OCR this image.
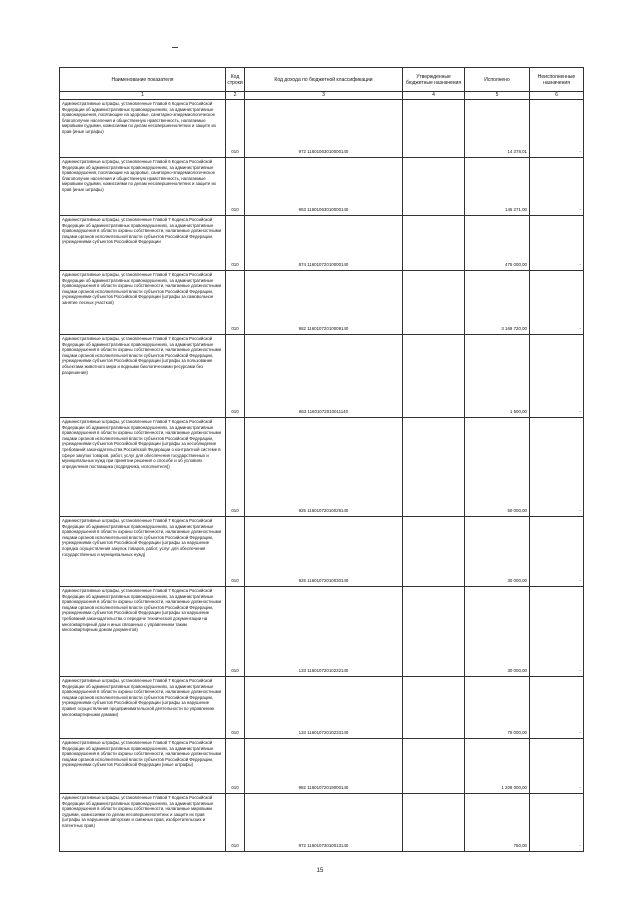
Наименование показателя	Код строки	Код дохода по бюджетной классификации	Утвержденные бюджетные назначения	Исполнено	Неисполненные назначения
1	2	3	4	5	6

Административные штрафы, установленные Главой 6 Кодекса Российской Федерации об административных правонарушениях, за административные правонарушения, посягающие на здоровье, санитарно-эпидемиологическое благополучие населения и общественную нравственность, налагаемые мировыми судьями, комиссиями по делам несовершеннолетних и защите их прав (иные штрафы)	010	972 11601063010000140		14 378,01	-

Административные штрафы, установленные Главой 6 Кодекса Российской Федерации об административных правонарушениях, за административные правонарушения, посягающие на здоровье, санитарно-эпидемиологическое благополучие населения и общественную нравственность, налагаемые мировыми судьями, комиссиями по делам несовершеннолетних и защите их прав (иные штрафы)	010	953 11601063010000140		146 271,00	-

Административные штрафы, установленные Главой 7 Кодекса Российской Федерации об административных правонарушениях, за административные правонарушения в области охраны собственности, налагаемые должностными лицами органов исполнительной власти субъектов Российской Федерации, учреждениями субъектов Российской Федерации	010	874 11601072010000140		475 000,00	-

Административные штрафы, установленные Главой 7 Кодекса Российской Федерации об административных правонарушениях, за административные правонарушения в области охраны собственности, налагаемые должностными лицами органов исполнительной власти субъектов Российской Федерации, учреждениями субъектов Российской Федерации (штрафы за самовольное занятие лесных участков)	010	982 11601072010009140		3 169 720,00	-

Административные штрафы, установленные Главой 7 Кодекса Российской Федерации об административных правонарушениях, за административные правонарушения в области охраны собственности, налагаемые должностными лицами органов исполнительной власти субъектов Российской Федерации, учреждениями субъектов Российской Федерации (штрафы за пользование объектами животного мира и водными биологическими ресурсами без разрешения)	010	863 11601072010011140		1 500,00	-

Административные штрафы, установленные Главой 7 Кодекса Российской Федерации об административных правонарушениях, за административные правонарушения в области охраны собственности, налагаемые должностными лицами органов исполнительной власти субъектов Российской Федерации, учреждениями субъектов Российской Федерации (штрафы за несоблюдение требований законодательства Российской Федерации о контрактной системе в сфере закупок товаров, работ, услуг для обеспечения государственных и муниципальных нужд при принятии решения о способе и об условиях определения поставщика (подрядчика, исполнителя))	010	925 11601072010029140		50 000,00	-

Административные штрафы, установленные Главой 7 Кодекса Российской Федерации об административных правонарушениях, за административные правонарушения в области охраны собственности, налагаемые должностными лицами органов исполнительной власти субъектов Российской Федерации, учреждениями субъектов Российской Федерации (штрафы за нарушение порядка осуществления закупок товаров, работ, услуг для обеспечения государственных и муниципальных нужд)	010	925 11601072010030140		30 000,00	-

Административные штрафы, установленные Главой 7 Кодекса Российской Федерации об административных правонарушениях, за административные правонарушения в области охраны собственности, налагаемые должностными лицами органов исполнительной власти субъектов Российской Федерации, учреждениями субъектов Российской Федерации (штрафы за нарушение требований законодательства о передаче технической документации на многоквартирный дом и иных связанных с управлением таким многоквартирным домом документов)	010	133 11601072010232140		30 000,00	-

Административные штрафы, установленные Главой 7 Кодекса Российской Федерации об административных правонарушениях, за административные правонарушения в области охраны собственности, налагаемые должностными лицами органов исполнительной власти субъектов Российской Федерации, учреждениями субъектов Российской Федерации (штрафы за нарушение правил осуществления предпринимательской деятельности по управлению многоквартирными домами)	010	133 11601072010233140		75 000,00	-

Административные штрафы, установленные Главой 7 Кодекса Российской Федерации об административных правонарушениях, за административные правонарушения в области охраны собственности, налагаемые должностными лицами органов исполнительной власти субъектов Российской Федерации, учреждениями субъектов Российской Федерации (иные штрафы)	010	982 11601072019000140		1 208 000,00	-

Административные штрафы, установленные Главой 7 Кодекса Российской Федерации об административных правонарушениях, за административные правонарушения в области охраны собственности, налагаемые мировыми судьями, комиссиями по делам несовершеннолетних и защите их прав (штрафы за нарушение авторских и смежных прав, изобретательских и патентных прав)	010	972 11601073010013140		750,00	-
15
